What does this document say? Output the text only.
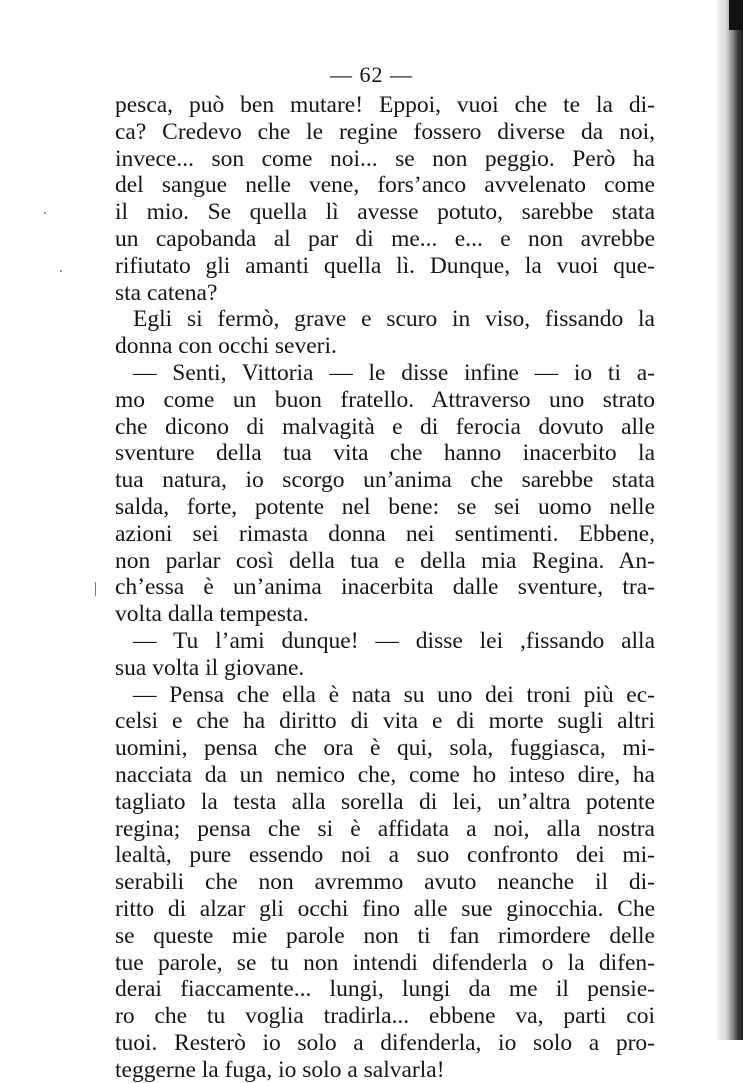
— 62 —
pesca, può ben mutare! Eppoi, vuoi che te la di-
ca? Credevo che le regine fossero diverse da noi,
invece... son come noi... se non peggio. Però ha
del sangue nelle vene, fors’anco avvelenato come
il mio. Se quella lì avesse potuto, sarebbe stata
un capobanda al par di me... e... e non avrebbe
rifiutato gli amanti quella lì. Dunque, la vuoi que-
sta catena?
Egli si fermò, grave e scuro in viso, fissando la
donna con occhi severi.
— Senti, Vittoria — le disse infine — io ti a-
mo come un buon fratello. Attraverso uno strato
che dicono di malvagità e di ferocia dovuto alle
sventure della tua vita che hanno inacerbito la
tua natura, io scorgo un’anima che sarebbe stata
salda, forte, potente nel bene: se sei uomo nelle
azioni sei rimasta donna nei sentimenti. Ebbene,
non parlar così della tua e della mia Regina. An-
ch’essa è un’anima inacerbita dalle sventure, tra-
volta dalla tempesta.
— Tu l’ami dunque! — disse lei ,fissando alla
sua volta il giovane.
— Pensa che ella è nata su uno dei troni più ec-
celsi e che ha diritto di vita e di morte sugli altri
uomini, pensa che ora è qui, sola, fuggiasca, mi-
nacciata da un nemico che, come ho inteso dire, ha
tagliato la testa alla sorella di lei, un’altra potente
regina; pensa che si è affidata a noi, alla nostra
lealtà, pure essendo noi a suo confronto dei mi-
serabili che non avremmo avuto neanche il di-
ritto di alzar gli occhi fino alle sue ginocchia. Che
se queste mie parole non ti fan rimordere delle
tue parole, se tu non intendi difenderla o la difen-
derai fiaccamente... lungi, lungi da me il pensie-
ro che tu voglia tradirla... ebbene va, parti coi
tuoi. Resterò io solo a difenderla, io solo a pro-
teggerne la fuga, io solo a salvarla!
